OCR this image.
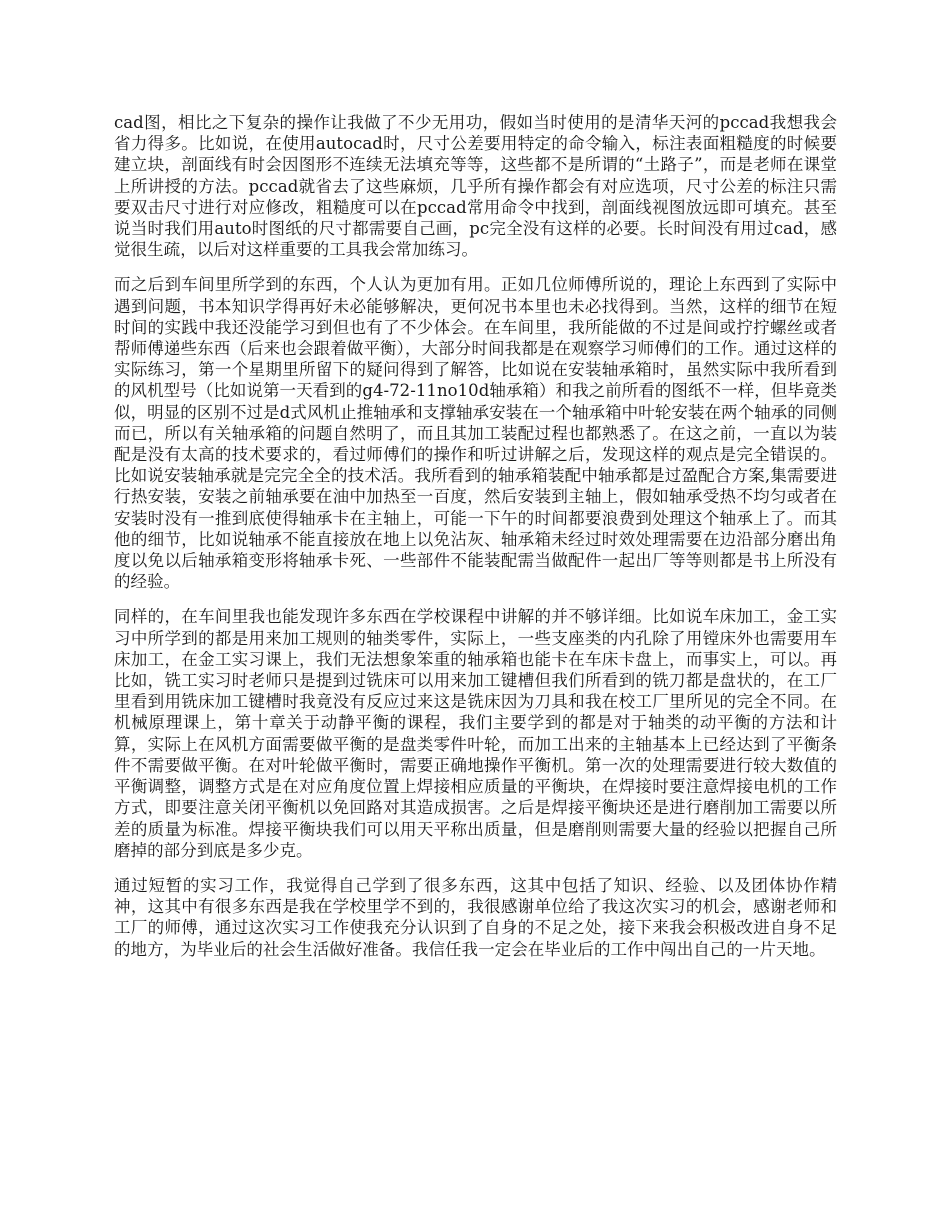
cad图，相比之下复杂的操作让我做了不少无用功，假如当时使用的是清华天河的pccad我想我会省力得多。比如说，在使用autocad时，尺寸公差要用特定的命令输入，标注表面粗糙度的时候要建立块，剖面线有时会因图形不连续无法填充等等，这些都不是所谓的“土路子”，而是老师在课堂上所讲授的方法。pccad就省去了这些麻烦，几乎所有操作都会有对应选项，尺寸公差的标注只需要双击尺寸进行对应修改，粗糙度可以在pccad常用命令中找到，剖面线视图放远即可填充。甚至说当时我们用auto时图纸的尺寸都需要自己画，pc完全没有这样的必要。长时间没有用过cad，感觉很生疏，以后对这样重要的工具我会常加练习。

而之后到车间里所学到的东西，个人认为更加有用。正如几位师傅所说的，理论上东西到了实际中遇到问题，书本知识学得再好未必能够解决，更何况书本里也未必找得到。当然，这样的细节在短时间的实践中我还没能学习到但也有了不少体会。在车间里，我所能做的不过是间或拧拧螺丝或者帮师傅递些东西（后来也会跟着做平衡），大部分时间我都是在观察学习师傅们的工作。通过这样的实际练习，第一个星期里所留下的疑问得到了解答，比如说在安装轴承箱时，虽然实际中我所看到的风机型号（比如说第一天看到的g4-72-11no10d轴承箱）和我之前所看的图纸不一样，但毕竟类似，明显的区别不过是d式风机止推轴承和支撑轴承安装在一个轴承箱中叶轮安装在两个轴承的同侧而已，所以有关轴承箱的问题自然明了，而且其加工装配过程也都熟悉了。在这之前，一直以为装配是没有太高的技术要求的，看过师傅们的操作和听过讲解之后，发现这样的观点是完全错误的。比如说安装轴承就是完完全全的技术活。我所看到的轴承箱装配中轴承都是过盈配合方案,集需要进行热安装，安装之前轴承要在油中加热至一百度，然后安装到主轴上，假如轴承受热不均匀或者在安装时没有一推到底使得轴承卡在主轴上，可能一下午的时间都要浪费到处理这个轴承上了。而其他的细节，比如说轴承不能直接放在地上以免沾灰、轴承箱未经过时效处理需要在边沿部分磨出角度以免以后轴承箱变形将轴承卡死、一些部件不能装配需当做配件一起出厂等等则都是书上所没有的经验。

同样的，在车间里我也能发现许多东西在学校课程中讲解的并不够详细。比如说车床加工，金工实习中所学到的都是用来加工规则的轴类零件，实际上，一些支座类的内孔除了用镗床外也需要用车床加工，在金工实习课上，我们无法想象笨重的轴承箱也能卡在车床卡盘上，而事实上，可以。再比如，铣工实习时老师只是提到过铣床可以用来加工键槽但我们所看到的铣刀都是盘状的，在工厂里看到用铣床加工键槽时我竟没有反应过来这是铣床因为刀具和我在校工厂里所见的完全不同。在机械原理课上，第十章关于动静平衡的课程，我们主要学到的都是对于轴类的动平衡的方法和计算，实际上在风机方面需要做平衡的是盘类零件叶轮，而加工出来的主轴基本上已经达到了平衡条件不需要做平衡。在对叶轮做平衡时，需要正确地操作平衡机。第一次的处理需要进行较大数值的平衡调整，调整方式是在对应角度位置上焊接相应质量的平衡块，在焊接时要注意焊接电机的工作方式，即要注意关闭平衡机以免回路对其造成损害。之后是焊接平衡块还是进行磨削加工需要以所差的质量为标准。焊接平衡块我们可以用天平称出质量，但是磨削则需要大量的经验以把握自己所磨掉的部分到底是多少克。

通过短暂的实习工作，我觉得自己学到了很多东西，这其中包括了知识、经验、以及团体协作精神，这其中有很多东西是我在学校里学不到的，我很感谢单位给了我这次实习的机会，感谢老师和工厂的师傅，通过这次实习工作使我充分认识到了自身的不足之处，接下来我会积极改进自身不足的地方，为毕业后的社会生活做好准备。我信任我一定会在毕业后的工作中闯出自己的一片天地。
